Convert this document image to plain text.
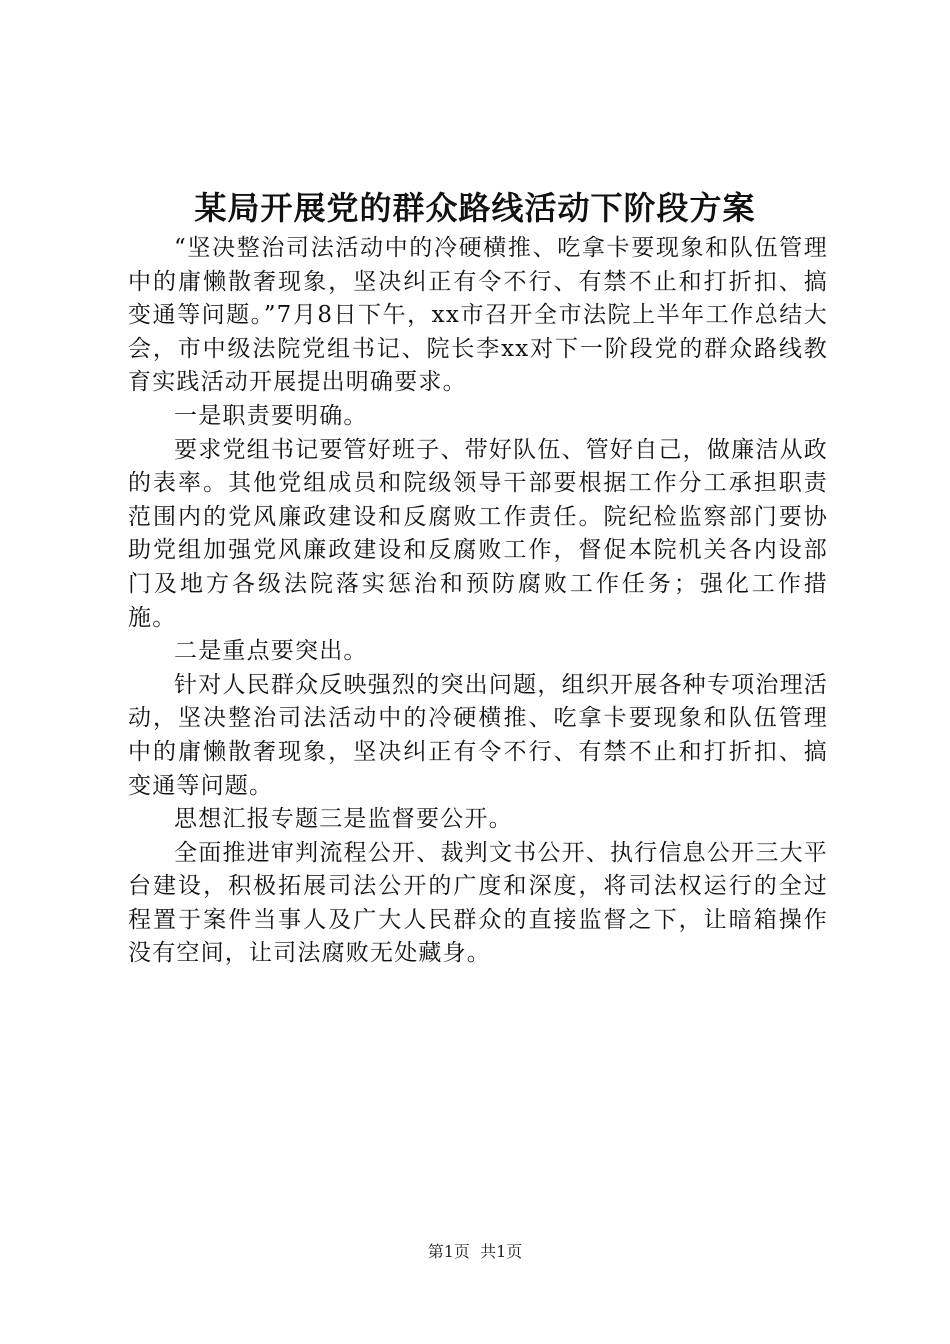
某局开展党的群众路线活动下阶段方案

“坚决整治司法活动中的冷硬横推、吃拿卡要现象和队伍管理中的庸懒散奢现象，坚决纠正有令不行、有禁不止和打折扣、搞变通等问题。”7月8日下午，xx市召开全市法院上半年工作总结大会，市中级法院党组书记、院长李xx对下一阶段党的群众路线教育实践活动开展提出明确要求。

一是职责要明确。

要求党组书记要管好班子、带好队伍、管好自己，做廉洁从政的表率。其他党组成员和院级领导干部要根据工作分工承担职责范围内的党风廉政建设和反腐败工作责任。院纪检监察部门要协助党组加强党风廉政建设和反腐败工作，督促本院机关各内设部门及地方各级法院落实惩治和预防腐败工作任务；强化工作措施。

二是重点要突出。

针对人民群众反映强烈的突出问题，组织开展各种专项治理活动，坚决整治司法活动中的冷硬横推、吃拿卡要现象和队伍管理中的庸懒散奢现象，坚决纠正有令不行、有禁不止和打折扣、搞变通等问题。

思想汇报专题三是监督要公开。

全面推进审判流程公开、裁判文书公开、执行信息公开三大平台建设，积极拓展司法公开的广度和深度，将司法权运行的全过程置于案件当事人及广大人民群众的直接监督之下，让暗箱操作没有空间，让司法腐败无处藏身。

第1页  共1页
